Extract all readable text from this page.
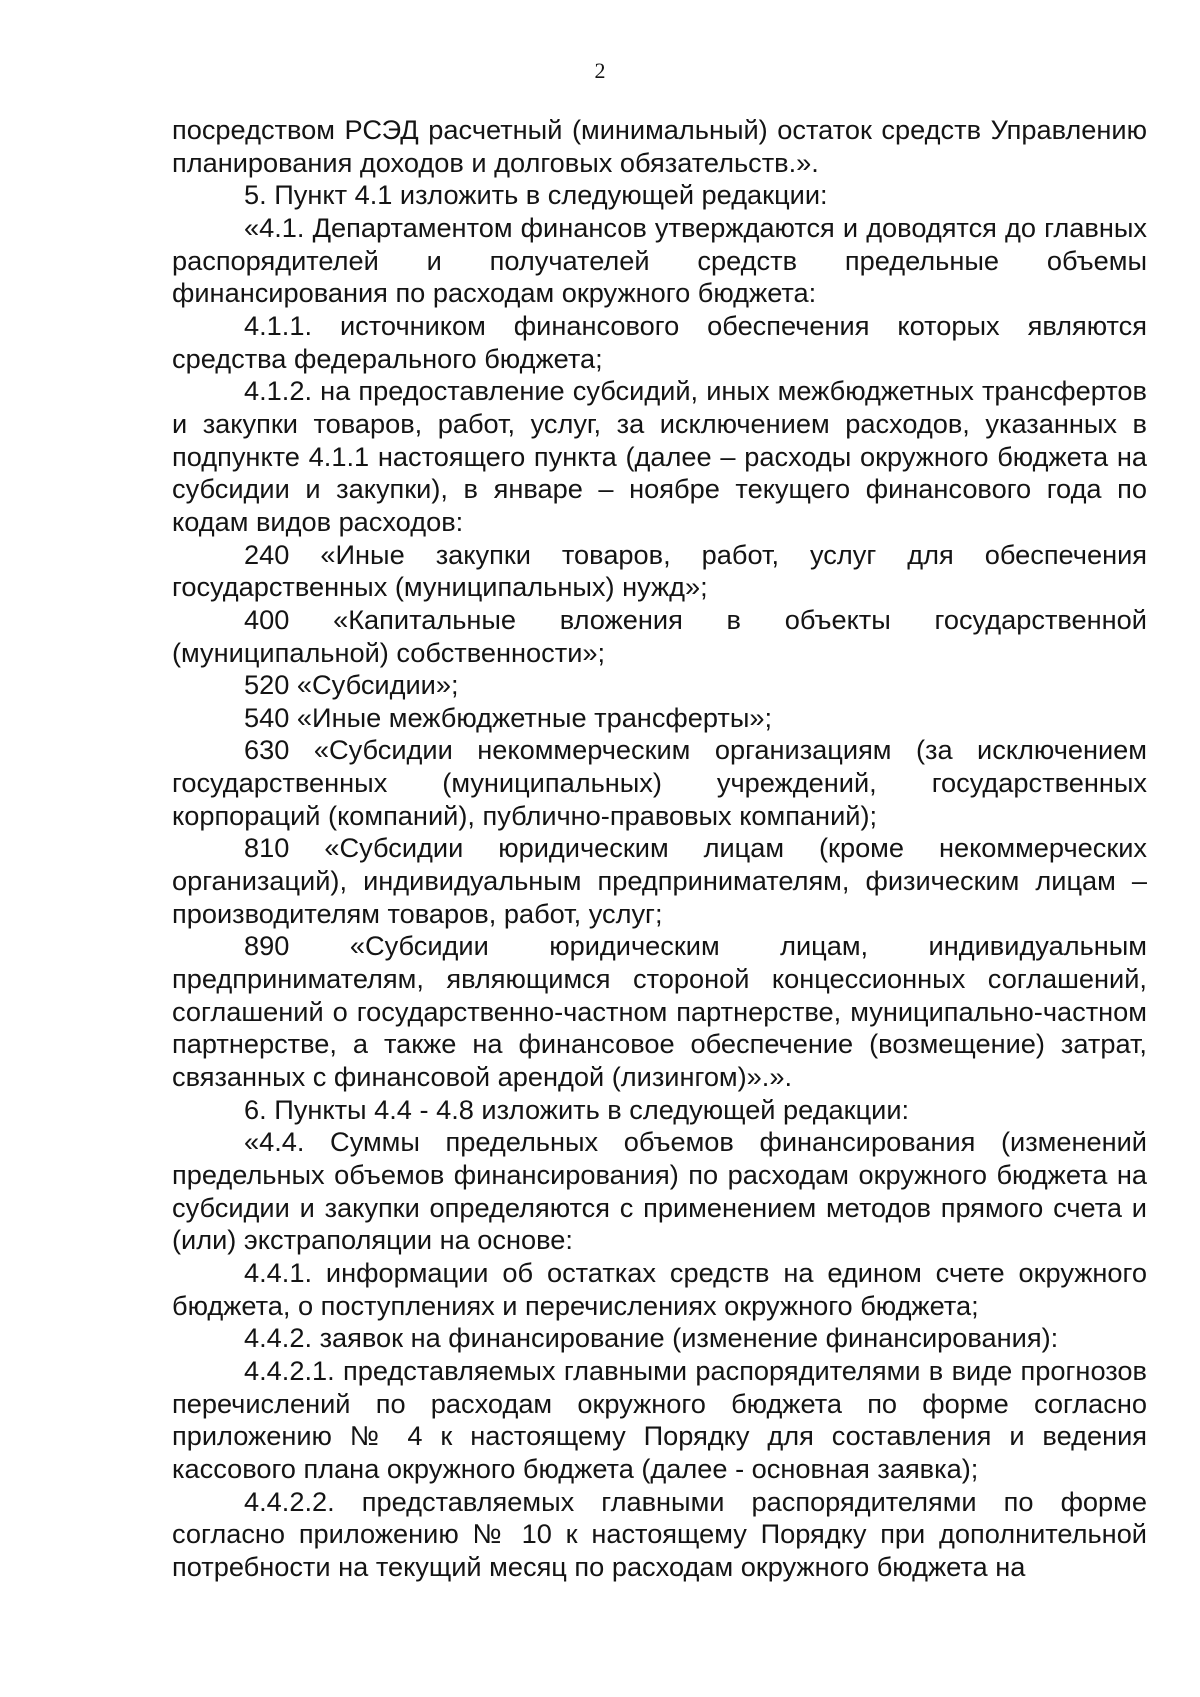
2

посредством РСЭД расчетный (минимальный) остаток средств Управлению планирования доходов и долговых обязательств.».

5. Пункт 4.1 изложить в следующей редакции:

«4.1. Департаментом финансов утверждаются и доводятся до главных распорядителей и получателей средств предельные объемы финансирования по расходам окружного бюджета:

4.1.1. источником финансового обеспечения которых являются средства федерального бюджета;

4.1.2. на предоставление субсидий, иных межбюджетных трансфертов и закупки товаров, работ, услуг, за исключением расходов, указанных в подпункте 4.1.1 настоящего пункта (далее – расходы окружного бюджета на субсидии и закупки), в январе – ноябре текущего финансового года по кодам видов расходов:

240 «Иные закупки товаров, работ, услуг для обеспечения государственных (муниципальных) нужд»;

400 «Капитальные вложения в объекты государственной (муниципальной) собственности»;

520 «Субсидии»;

540 «Иные межбюджетные трансферты»;

630 «Субсидии некоммерческим организациям (за исключением государственных (муниципальных) учреждений, государственных корпораций (компаний), публично-правовых компаний);

810 «Субсидии юридическим лицам (кроме некоммерческих организаций), индивидуальным предпринимателям, физическим лицам – производителям товаров, работ, услуг;

890 «Субсидии юридическим лицам, индивидуальным предпринимателям, являющимся стороной концессионных соглашений, соглашений о государственно-частном партнерстве, муниципально-частном партнерстве, а также на финансовое обеспечение (возмещение) затрат, связанных с финансовой арендой (лизингом)».».

6. Пункты 4.4 - 4.8 изложить в следующей редакции:

«4.4. Суммы предельных объемов финансирования (изменений предельных объемов финансирования) по расходам окружного бюджета на субсидии и закупки определяются с применением методов прямого счета и (или) экстраполяции на основе:

4.4.1. информации об остатках средств на едином счете окружного бюджета, о поступлениях и перечислениях окружного бюджета;

4.4.2. заявок на финансирование (изменение финансирования):

4.4.2.1. представляемых главными распорядителями в виде прогнозов перечислений по расходам окружного бюджета по форме согласно приложению № 4 к настоящему Порядку для составления и ведения кассового плана окружного бюджета (далее - основная заявка);

4.4.2.2. представляемых главными распорядителями по форме согласно приложению № 10 к настоящему Порядку при дополнительной потребности на текущий месяц по расходам окружного бюджета на
